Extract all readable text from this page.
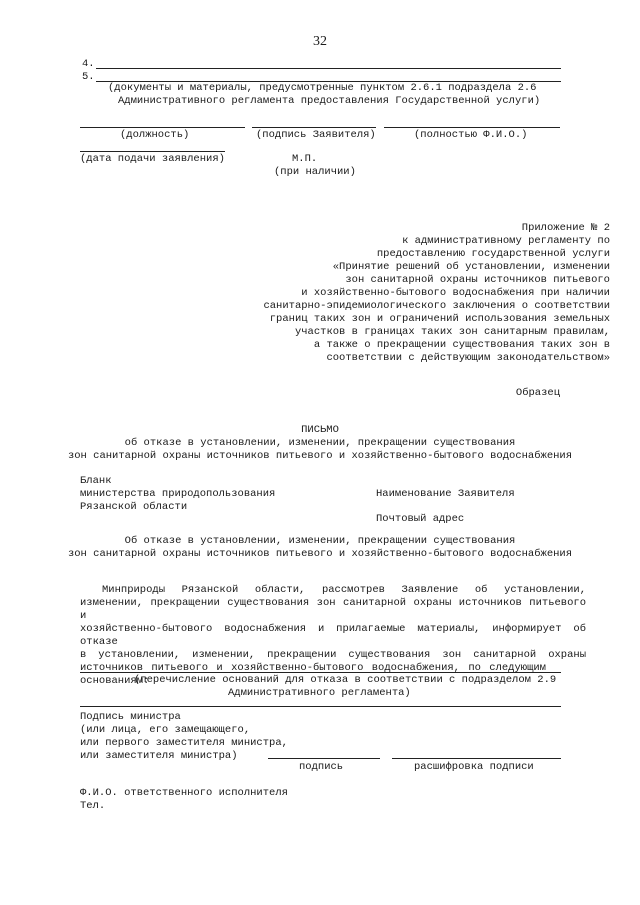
32
4.
5.
(документы и материалы, предусмотренные пунктом 2.6.1 подраздела 2.6
Административного регламента предоставления Государственной услуги)
(должность)	(подпись Заявителя)	(полностью Ф.И.О.)
(дата подачи заявления)	М.П.
(при наличии)
Приложение № 2
к административному регламенту по
предоставлению государственной услуги
«Принятие решений об установлении, изменении
зон санитарной охраны источников питьевого
и хозяйственно-бытового водоснабжения при наличии
санитарно-эпидемиологического заключения о соответствии
границ таких зон и ограничений использования земельных
участков в границах таких зон санитарным правилам,
а также о прекращении существования таких зон в
соответствии с действующим законодательством»
Образец
ПИСЬМО
об отказе в установлении, изменении, прекращении существования
зон санитарной охраны источников питьевого и хозяйственно-бытового водоснабжения
Бланк
министерства природопользования
Рязанской области
Наименование Заявителя
Почтовый адрес
Об отказе в установлении, изменении, прекращении существования
зон санитарной охраны источников питьевого и хозяйственно-бытового водоснабжения
Минприроды Рязанской области, рассмотрев Заявление об установлении,
изменении, прекращении существования зон санитарной охраны источников питьевого и
хозяйственно-бытового водоснабжения и прилагаемые материалы, информирует об отказе
в установлении, изменении, прекращении существования зон санитарной охраны
источников питьевого и хозяйственно-бытового водоснабжения, по следующим
основаниям:
(перечисление оснований для отказа в соответствии с подразделом 2.9
Административного регламента)
Подпись министра
(или лица, его замещающего,
или первого заместителя министра,
или заместителя министра)
подпись	расшифровка подписи
Ф.И.О. ответственного исполнителя
Тел.
